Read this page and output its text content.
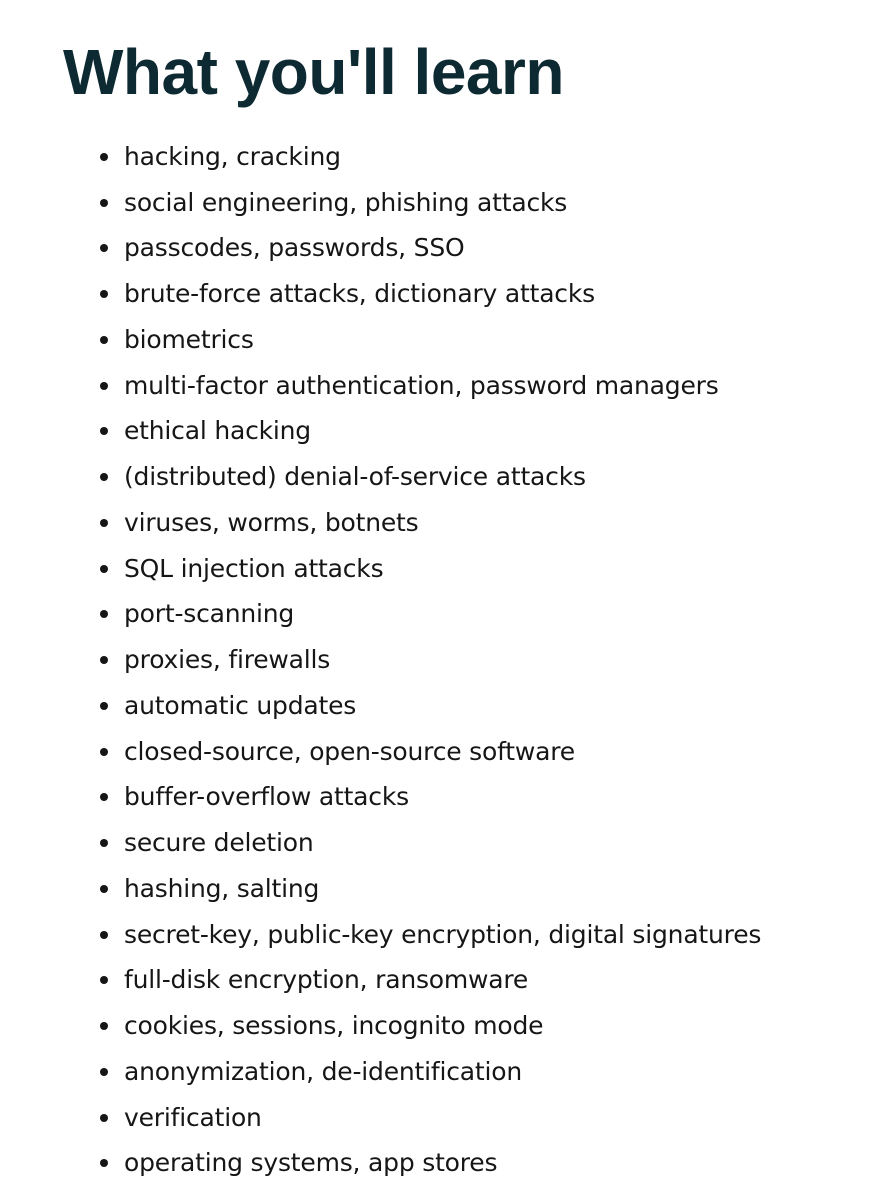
What you'll learn
hacking, cracking
social engineering, phishing attacks
passcodes, passwords, SSO
brute-force attacks, dictionary attacks
biometrics
multi-factor authentication, password managers
ethical hacking
(distributed) denial-of-service attacks
viruses, worms, botnets
SQL injection attacks
port-scanning
proxies, firewalls
automatic updates
closed-source, open-source software
buffer-overflow attacks
secure deletion
hashing, salting
secret-key, public-key encryption, digital signatures
full-disk encryption, ransomware
cookies, sessions, incognito mode
anonymization, de-identification
verification
operating systems, app stores
